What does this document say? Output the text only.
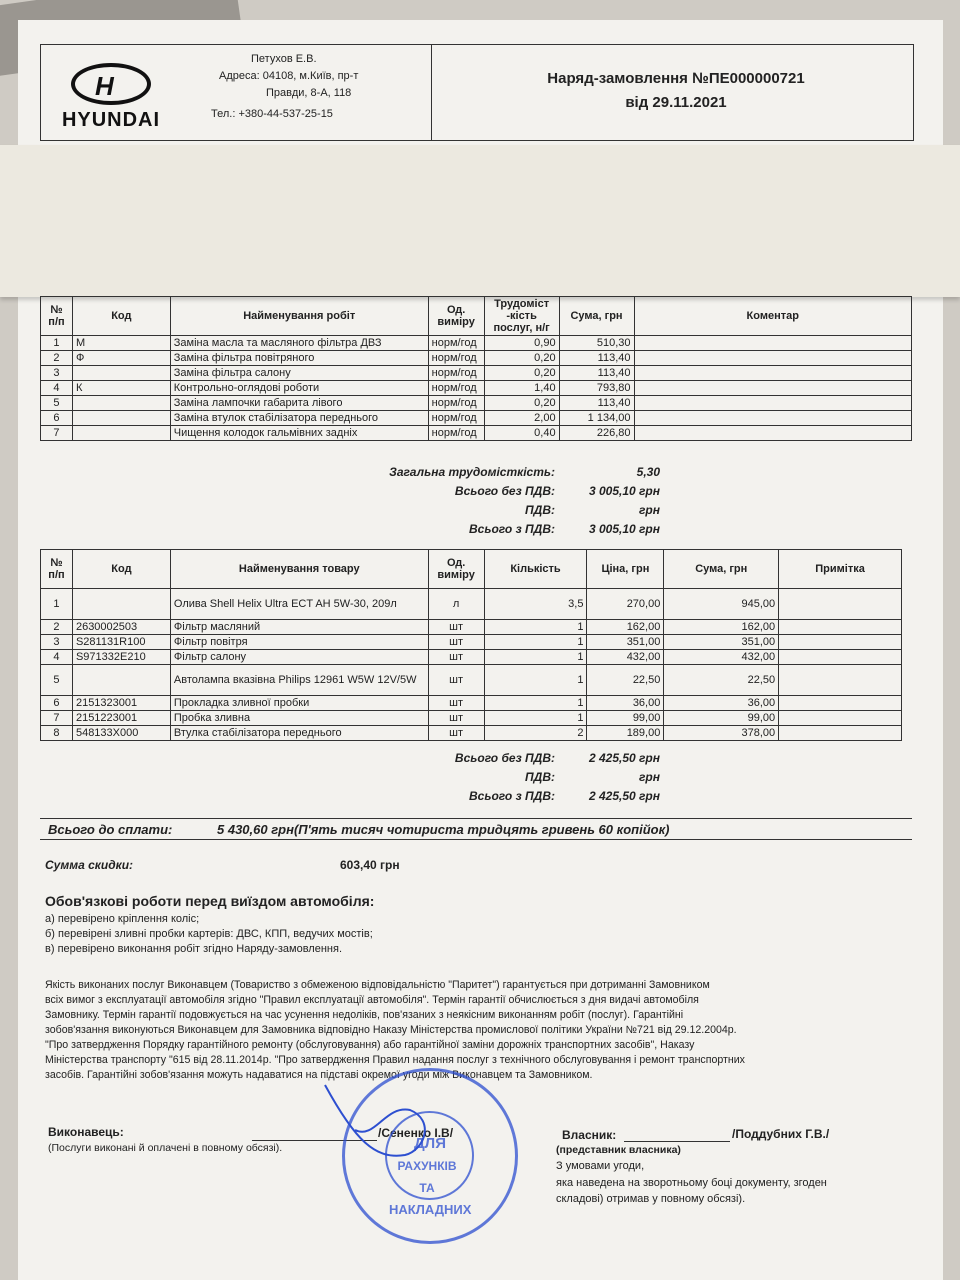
H
HYUNDAI
Петухов Е.В.
Адреса: 04108, м.Київ, пр-т
Правди, 8-А, 118
Тел.: +380-44-537-25-15
Наряд-замовлення №ПЕ000000721
від 29.11.2021
№ п/п	Код	Найменування робіт	Од. виміру	Трудоміст -кість послуг, н/г	Сума, грн	Коментар
1	М	Заміна масла та масляного фільтра ДВЗ	норм/год	0,90	510,30	
2	Ф	Заміна фільтра повітряного	норм/год	0,20	113,40	
3		Заміна фільтра салону	норм/год	0,20	113,40	
4	К	Контрольно-оглядові роботи	норм/год	1,40	793,80	
5		Заміна лампочки габарита лівого	норм/год	0,20	113,40	
6		Заміна втулок стабілізатора переднього	норм/год	2,00	1 134,00	
7		Чищення колодок гальмівних задніх	норм/год	0,40	226,80	
Загальна трудомісткість:	5,30
Всього без ПДВ:	3 005,10 грн
ПДВ:	грн
Всього з ПДВ:	3 005,10 грн
№ п/п	Код	Найменування товару	Од. виміру	Кількість	Ціна, грн	Сума, грн	Примітка
1		Олива Shell Helix Ultra ECT AH 5W-30, 209л	л	3,5	270,00	945,00	
2	2630002503	Фільтр масляний	шт	1	162,00	162,00	
3	S281131R100	Фільтр повітря	шт	1	351,00	351,00	
4	S971332E210	Фільтр салону	шт	1	432,00	432,00	
5		Автолампа вказівна Philips 12961 W5W 12V/5W	шт	1	22,50	22,50	
6	2151323001	Прокладка зливної пробки	шт	1	36,00	36,00	
7	2151223001	Пробка зливна	шт	1	99,00	99,00	
8	548133X000	Втулка стабілізатора переднього	шт	2	189,00	378,00	
Всього без ПДВ:	2 425,50 грн
ПДВ:	грн
Всього з ПДВ:	2 425,50 грн
Всього до сплати:	5 430,60 грн(П'ять тисяч чотириста тридцять гривень 60 копійок)
Сумма скидки:	603,40 грн
Обов'язкові роботи перед виїздом автомобіля:
а) перевірено кріплення коліс;
б) перевірені зливні пробки картерів: ДВС, КПП, ведучих мостів;
в) перевірено виконання робіт згідно Наряду-замовлення.
Якість виконаних послуг Виконавцем (Товариство з обмеженою відповідальністю "Паритет") гарантується при дотриманні Замовником
всіх вимог з експлуатації автомобіля згідно "Правил експлуатації автомобіля". Термін гарантії обчислюється з дня видачі автомобіля
Замовнику. Термін гарантії подовжується на час усунення недоліків, пов'язаних з неякісним виконанням робіт (послуг). Гарантійні
зобов'язання виконуються Виконавцем для Замовника відповідно Наказу Міністерства промислової політики України №721 від 29.12.2004р.
"Про затвердження Порядку гарантійного ремонту (обслуговування) або гарантійної заміни дорожніх транспортних засобів", Наказу
Міністерства транспорту "615 від 28.11.2014р. "Про затвердження Правил надання послуг з технічного обслуговування і ремонт транспортних
засобів. Гарантійні зобов'язання можуть надаватися на підставі окремої угоди між Виконавцем та Замовником.
Виконавець:
(Послуги виконані й оплачені в повному обсязі).
/Сененко І.В/	Власник:	/Поддубних Г.В./
(представник власника)
З умовами угоди,
яка наведена на зворотньому боці документу, згоден
складові) отримав у повному обсязі).
ДЛЯ
РАХУНКІВ ТА
НАКЛАДНИХ
